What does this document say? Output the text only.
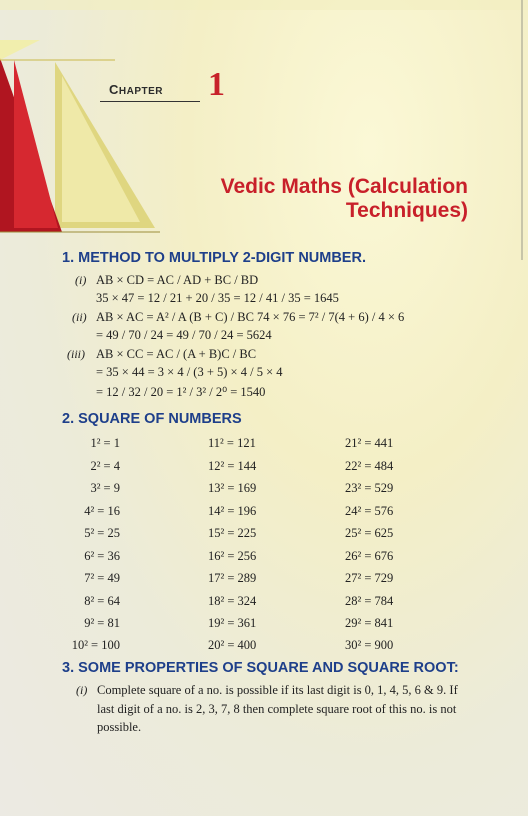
CHAPTER 1
Vedic Maths (Calculation
Techniques)
1. METHOD TO MULTIPLY 2-DIGIT NUMBER.
(i) AB × CD = AC / AD + BC / BD
35 × 47 = 12 / 21 + 20 / 35 = 12 / 41 / 35 = 1645
(ii) AB × AC = A² / A (B + C) / BC 74 × 76 = 7² / 7(4 + 6) / 4 × 6
= 49 / 70 / 24 = 49 / 70 / 24 = 5624
(iii) AB × CC = AC / (A + B)C / BC
= 35 × 44 = 3 × 4 / (3 + 5) × 4 / 5 × 4
= 12 / 32 / 20 = 1² / 3² / 2⁰ = 1540
2. SQUARE OF NUMBERS
1² = 1	11² = 121	21² = 441
2² = 4	12² = 144	22² = 484
3² = 9	13² = 169	23² = 529
4² = 16	14² = 196	24² = 576
5² = 25	15² = 225	25² = 625
6² = 36	16² = 256	26² = 676
7² = 49	17² = 289	27² = 729
8² = 64	18² = 324	28² = 784
9² = 81	19² = 361	29² = 841
10² = 100	20² = 400	30² = 900
3. SOME PROPERTIES OF SQUARE AND SQUARE ROOT:
(i) Complete square of a no. is possible if its last digit is 0, 1, 4, 5, 6 & 9. If last digit of a no. is 2, 3, 7, 8 then complete square root of this no. is not possible.
